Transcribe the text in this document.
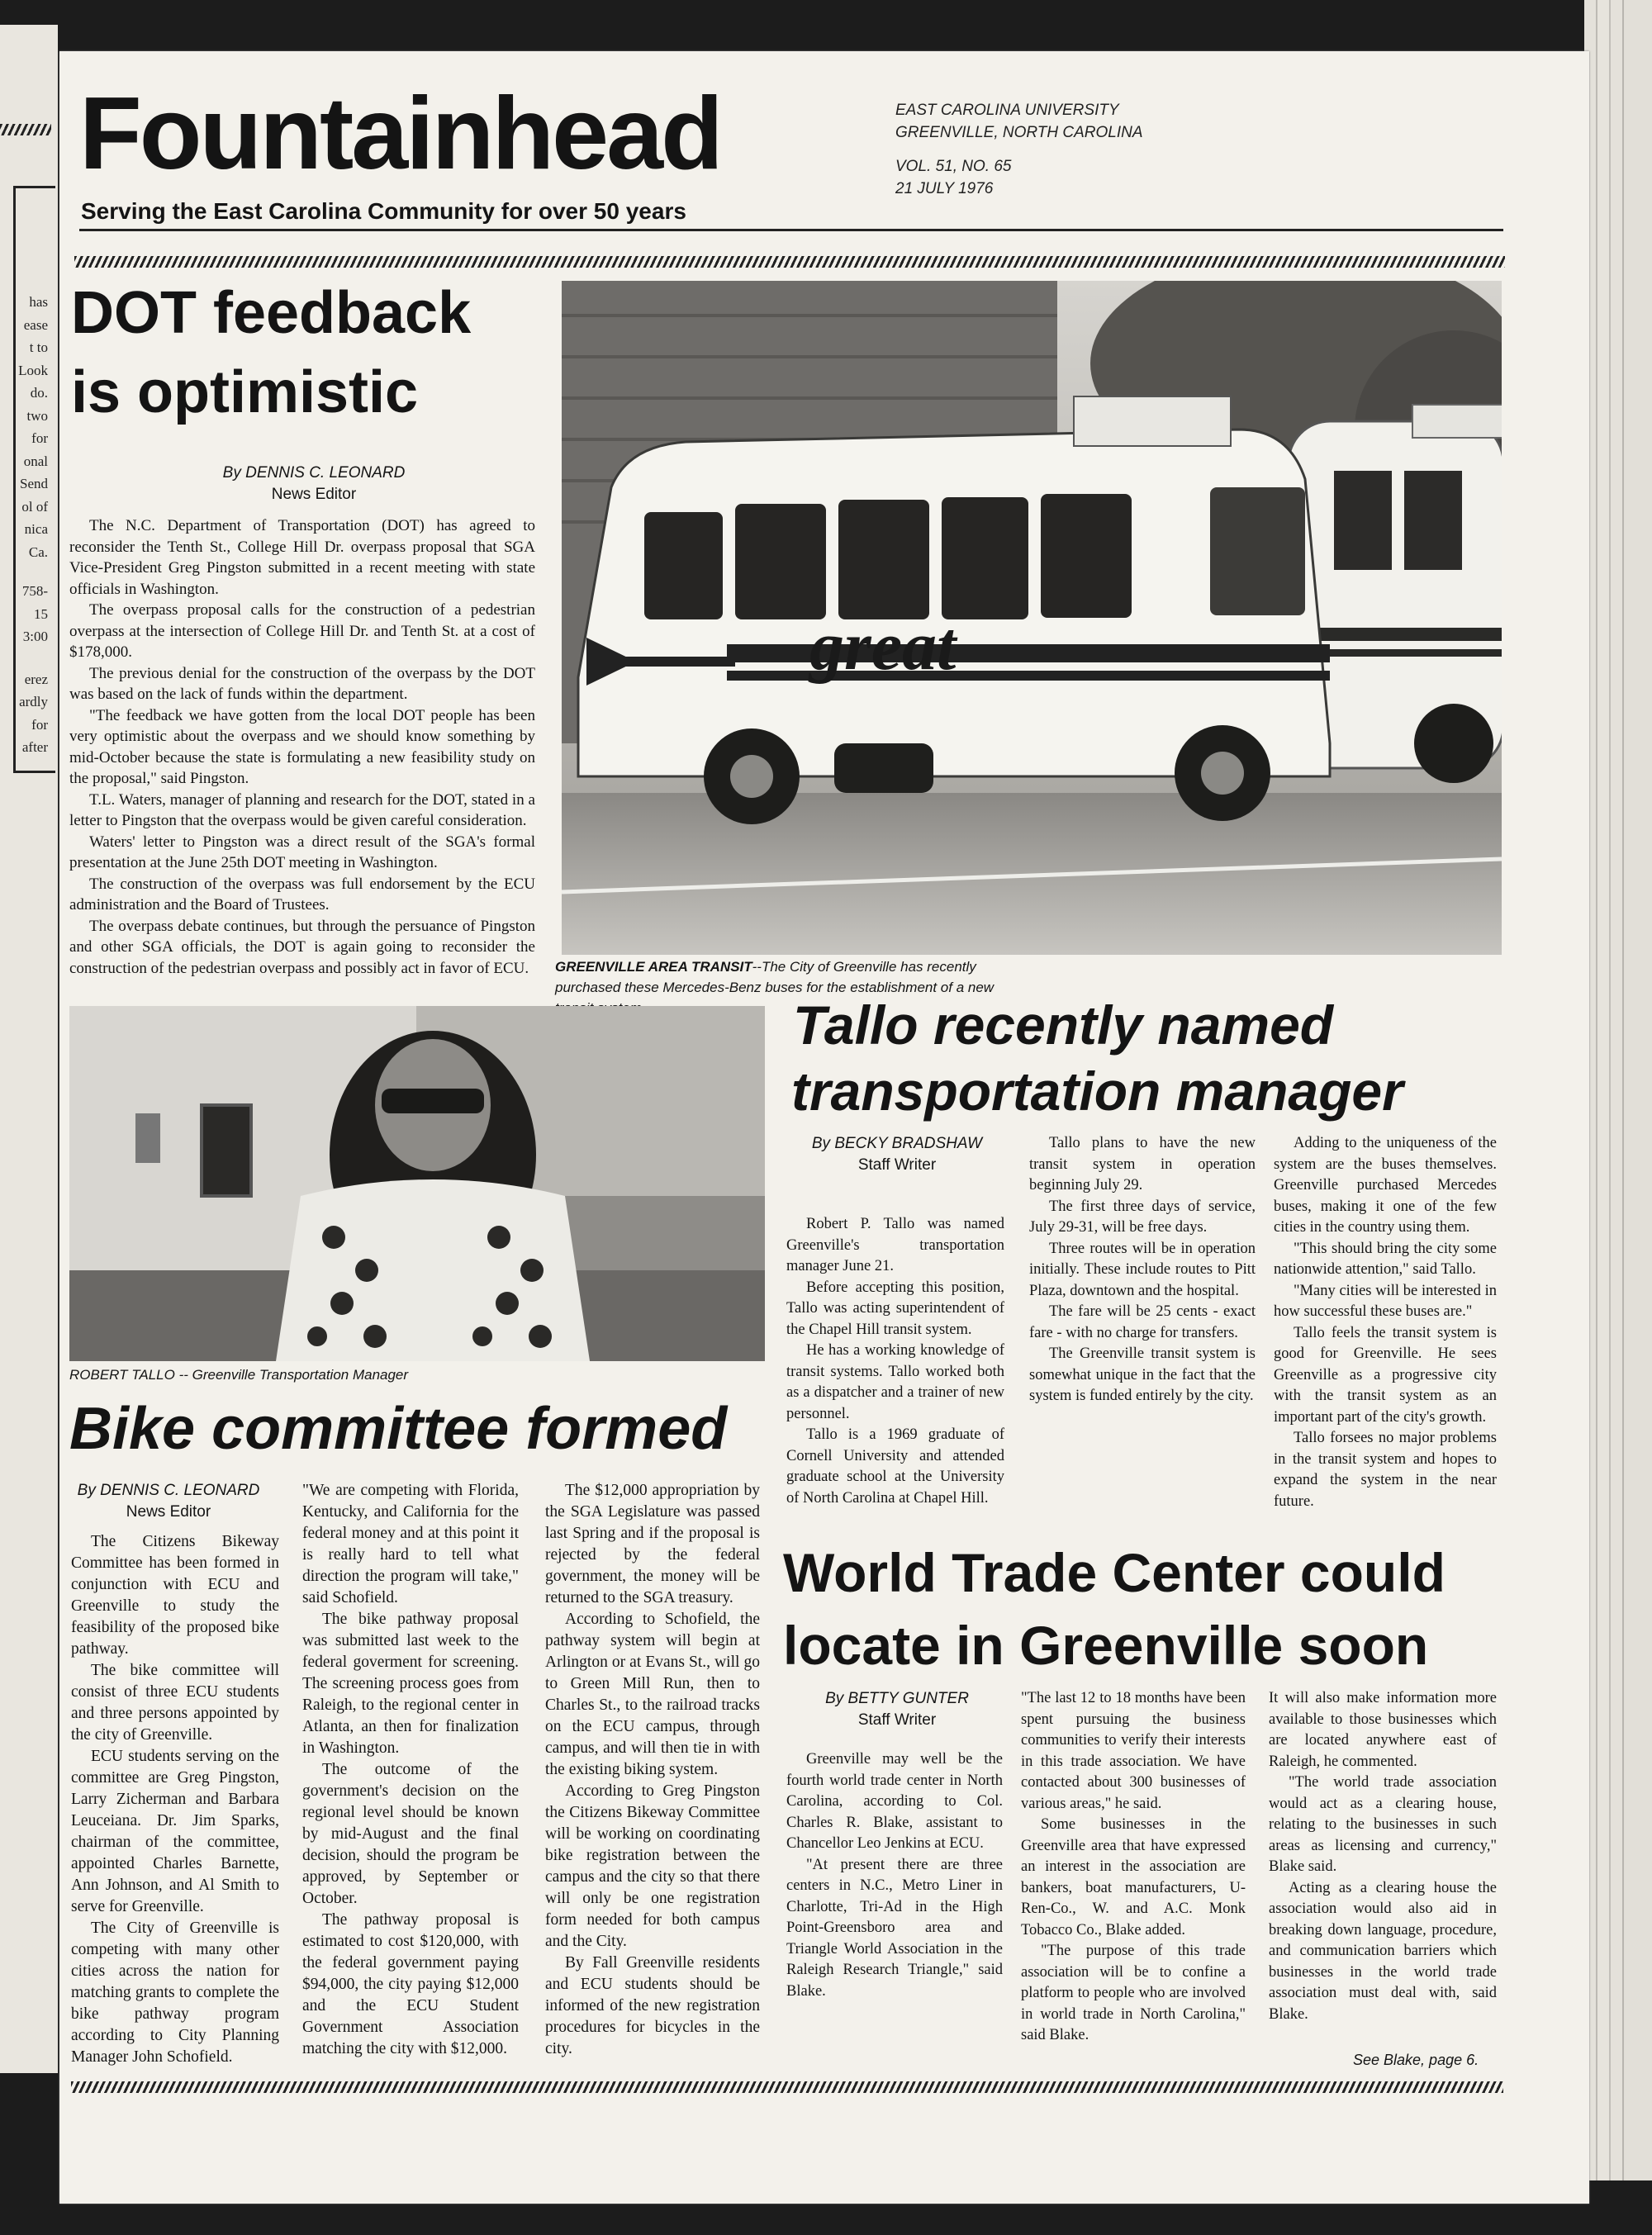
has
ease
t to
Look
do.
two
for
onal
Send
ol of
nica
Ca.
758-
15
3:00
erez
ardly
for
after
Fountainhead
Serving the East Carolina Community for over 50 years
EAST CAROLINA UNIVERSITY
GREENVILLE, NORTH CAROLINA
VOL. 51, NO. 65
21 JULY 1976
DOT feedback
is optimistic
By DENNIS C. LEONARD
News Editor

The N.C. Department of Transportation (DOT) has agreed to reconsider the Tenth St., College Hill Dr. overpass proposal that SGA Vice-President Greg Pingston submitted in a recent meeting with state officials in Washington.

The overpass proposal calls for the construction of a pedestrian overpass at the intersection of College Hill Dr. and Tenth St. at a cost of $178,000.

The previous denial for the construction of the overpass by the DOT was based on the lack of funds within the department.

"The feedback we have gotten from the local DOT people has been very optimistic about the overpass and we should know something by mid-October because the state is formulating a new feasibility study on the proposal," said Pingston.

T.L. Waters, manager of planning and research for the DOT, stated in a letter to Pingston that the overpass would be given careful consideration.

Waters' letter to Pingston was a direct result of the SGA's formal presentation at the June 25th DOT meeting in Washington.

The construction of the overpass was full endorsement by the ECU administration and the Board of Trustees.

The overpass debate continues, but through the persuance of Pingston and other SGA officials, the DOT is again going to reconsider the construction of the pedestrian overpass and possibly act in favor of ECU.

great
GREENVILLE AREA TRANSIT--The City of Greenville has recently purchased these Mercedes-Benz buses for the establishment of a new
ROBERT TALLO -- Greenville Transportation Manager
Tallo recently named
transportation manager
By BECKY BRADSHAW
Staff Writer

Robert P. Tallo was named Greenville's transportation manager June 21.

Before accepting this position, Tallo was acting superintendent of the Chapel Hill transit system.

He has a working knowledge of transit systems. Tallo worked both as a dispatcher and a trainer of new personnel.

Tallo is a 1969 graduate of Cornell University and attended graduate school at the University of North Carolina at Chapel Hill.

Tallo plans to have the new transit system in operation beginning July 29.

The first three days of service, July 29-31, will be free days.

Three routes will be in operation initially. These include routes to Pitt Plaza, downtown and the hospital.

The fare will be 25 cents - exact fare - with no charge for transfers.

The Greenville transit system is somewhat unique in the fact that the system is funded entirely by the city.

Adding to the uniqueness of the system are the buses themselves. Greenville purchased Mercedes buses, making it one of the few cities in the country using them.

"This should bring the city some nationwide attention," said Tallo.

"Many cities will be interested in how successful these buses are."

Tallo feels the transit system is good for Greenville. He sees Greenville as a progressive city with the transit system as an important part of the city's growth.

Tallo forsees no major problems in the transit system and hopes to expand the system in the near future.

Bike committee formed
By DENNIS C. LEONARD
News Editor

The Citizens Bikeway Committee has been formed in conjunction with ECU and Greenville to study the feasibility of the proposed bike pathway.

The bike committee will consist of three ECU students and three persons appointed by the city of Greenville.

ECU students serving on the committee are Greg Pingston, Larry Zicherman and Barbara Leuceiana. Dr. Jim Sparks, chairman of the committee, appointed Charles Barnette, Ann Johnson, and Al Smith to serve for Greenville.

The City of Greenville is competing with many other cities across the nation for matching grants to complete the bike pathway program according to City Planning Manager John Schofield.

"We are competing with Florida, Kentucky, and California for the federal money and at this point it is really hard to tell what direction the program will take," said Schofield.

The bike pathway proposal was submitted last week to the federal goverment for screening. The screening process goes from Raleigh, to the regional center in Atlanta, an then for finalization in Washington.

The outcome of the government's decision on the regional level should be known by mid-August and the final decision, should the program be approved, by September or October.

The pathway proposal is estimated to cost $120,000, with the federal government paying $94,000, the city paying $12,000 and the ECU Student Government Association matching the city with $12,000.

The $12,000 appropriation by the SGA Legislature was passed last Spring and if the proposal is rejected by the federal government, the money will be returned to the SGA treasury.

According to Schofield, the pathway system will begin at Arlington or at Evans St., will go to Green Mill Run, then to Charles St., to the railroad tracks on the ECU campus, through campus, and will then tie in with the existing biking system.

According to Greg Pingston the Citizens Bikeway Committee will be working on coordinating bike registration between the campus and the city so that there will only be one registration form needed for both campus and the City.

By Fall Greenville residents and ECU students should be informed of the new registration procedures for bicycles in the city.

World Trade Center could
locate in Greenville soon
By BETTY GUNTER
Staff Writer

Greenville may well be the fourth world trade center in North Carolina, according to Col. Charles R. Blake, assistant to Chancellor Leo Jenkins at ECU.

"At present there are three centers in N.C., Metro Liner in Charlotte, Tri-Ad in the High Point-Greensboro area and Triangle World Association in the Raleigh Research Triangle," said Blake.

"The last 12 to 18 months have been spent pursuing the business communities to verify their interests in this trade association. We have contacted about 300 businesses of various areas," he said.

Some businesses in the Greenville area that have expressed an interest in the association are bankers, boat manufacturers, U-Ren-Co., W. and A.C. Monk Tobacco Co., Blake added.

"The purpose of this trade association will be to confine a platform to people who are involved in world trade in North Carolina," said Blake.

It will also make information more available to those businesses which are located anywhere east of Raleigh, he commented.

"The world trade association would act as a clearing house, relating to the businesses in such areas as licensing and currency," Blake said.

Acting as a clearing house the association would also aid in breaking down language, procedure, and communication barriers which businesses in the world trade association must deal with, said Blake.

See Blake, page 6.
